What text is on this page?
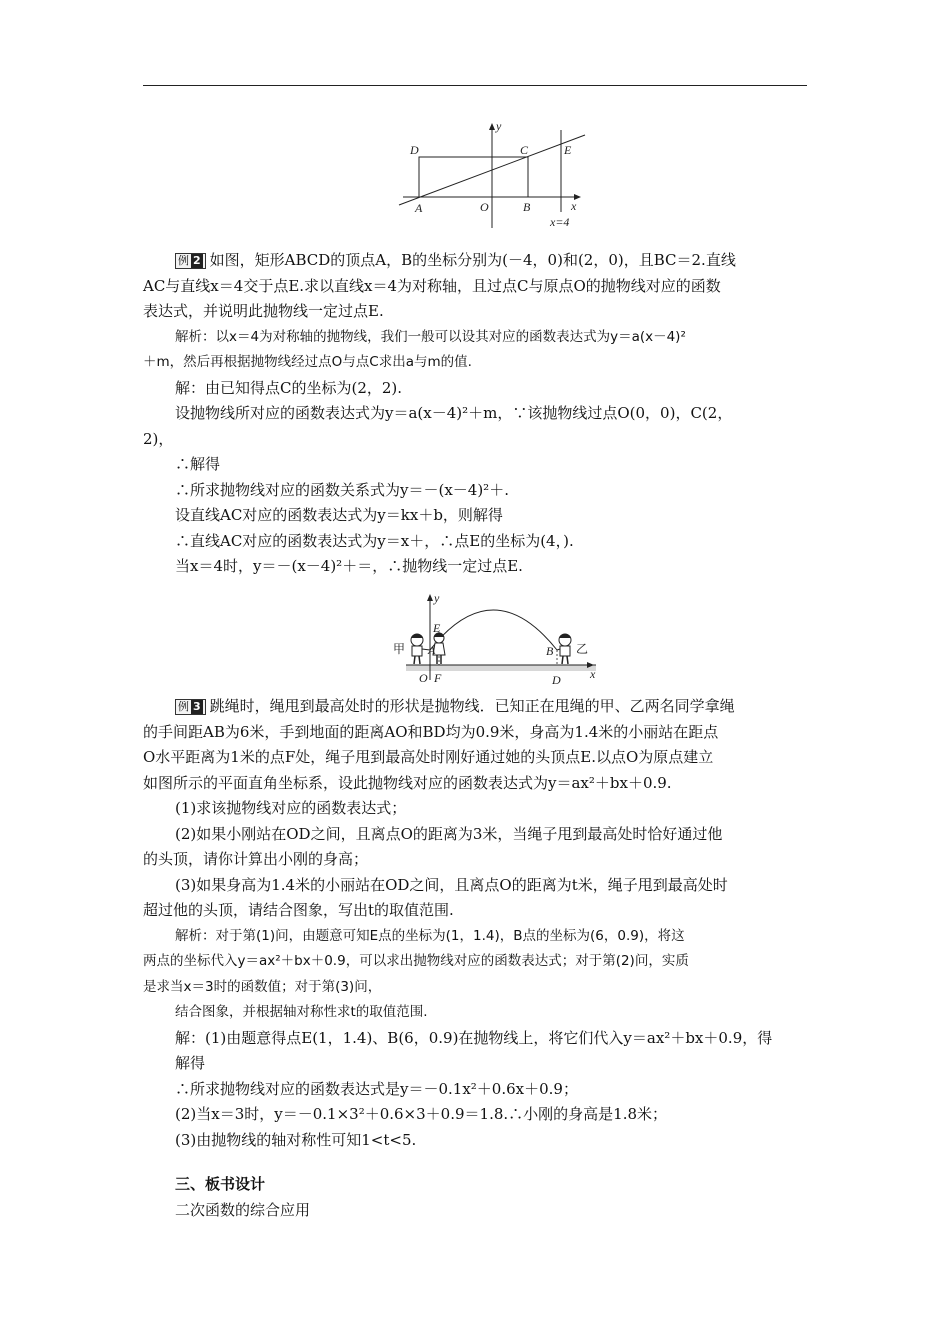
y
x
D	C	E
A	O	B
x=4
例 2 如图，矩形ABCD的顶点A，B的坐标分别为(－4，0)和(2，0)，且BC＝2.直线
AC与直线x＝4交于点E.求以直线x＝4为对称轴，且过点C与原点O的抛物线对应的函数
表达式，并说明此抛物线一定过点E.
解析：以x＝4为对称轴的抛物线，我们一般可以设其对应的函数表达式为y＝a(x－4)²
＋m，然后再根据抛物线经过点O与点C求出a与m的值.
解：由已知得点C的坐标为(2，2).
设抛物线所对应的函数表达式为y＝a(x－4)²＋m，∵该抛物线过点O(0，0)，C(2，
2)，
∴解得
∴所求抛物线对应的函数关系式为y＝－(x－4)²＋.
设直线AC对应的函数表达式为y＝kx＋b，则解得
∴直线AC对应的函数表达式为y＝x＋，∴点E的坐标为(4，).
当x＝4时，y＝－(x－4)²＋＝，∴抛物线一定过点E.
y
x
甲	乙
A	B
E
O F	D
例 3 跳绳时，绳甩到最高处时的形状是抛物线．已知正在甩绳的甲、乙两名同学拿绳
的手间距AB为6米，手到地面的距离AO和BD均为0.9米，身高为1.4米的小丽站在距点
O水平距离为1米的点F处，绳子甩到最高处时刚好通过她的头顶点E.以点O为原点建立
如图所示的平面直角坐标系，设此抛物线对应的函数表达式为y＝ax²＋bx＋0.9.
(1)求该抛物线对应的函数表达式；
(2)如果小刚站在OD之间，且离点O的距离为3米，当绳子甩到最高处时恰好通过他
的头顶，请你计算出小刚的身高；
(3)如果身高为1.4米的小丽站在OD之间，且离点O的距离为t米，绳子甩到最高处时
超过他的头顶，请结合图象，写出t的取值范围.
解析：对于第(1)问，由题意可知E点的坐标为(1，1.4)，B点的坐标为(6，0.9)，将这
两点的坐标代入y＝ax²＋bx＋0.9，可以求出抛物线对应的函数表达式；对于第(2)问，实质
是求当x＝3时的函数值；对于第(3)问，
结合图象，并根据轴对称性求t的取值范围.
解：(1)由题意得点E(1，1.4)、B(6，0.9)在抛物线上，将它们代入y＝ax²＋bx＋0.9，得
解得
∴所求抛物线对应的函数表达式是y＝－0.1x²＋0.6x＋0.9；
(2)当x＝3时，y＝－0.1×3²＋0.6×3＋0.9＝1.8.∴小刚的身高是1.8米；
(3)由抛物线的轴对称性可知1<t<5.
三、板书设计
二次函数的综合应用
